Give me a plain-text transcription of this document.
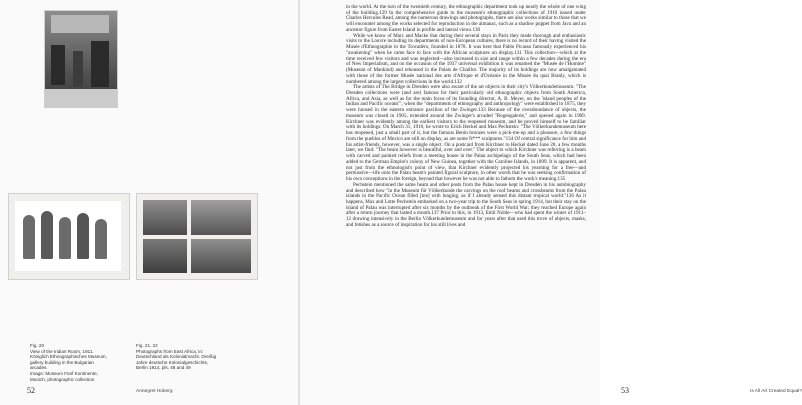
Fig. 20
View of the Indian Room, 1911.
Königlich Ethnographisches Museum,
gallery building in the Bulgarian
arcades.
Image: Museum Fünf Kontinente,
Munich, photographic collection
Fig. 21, 22
Photographs from East Africa, in:
Deutschland als Kolonialmacht. Dreißig
Jahre deutsche Kolonialgeschichte,
Berlin 1914, pls. 48 and 49
52	Annegret Hoberg	53	Is All Art Created Equal?

in the world. At the turn of the twentieth century, the ethnographic department took up nearly the whole of one wing of the building.129 In the comprehensive guide to the museum's ethnographic collections of 1910 issued under Charles Hercules Read, among the numerous drawings and photographs, there are also works similar to those that we will encounter among the works selected for reproduction in the almanac, such as a shadow puppet from Java and an ancestor figure from Easter Island in profile and lateral views.130

While we know of Marc and Macke that during their several stays in Paris they made thorough and enthusiastic visits to the Louvre including its departments of non-European cultures, there is no record of their having visited the Musée d'Ethnographie in the Trocadéro, founded in 1878. It was here that Pablo Picasso famously experienced his "awakening" when he came face to face with the African sculptures on display.131 This collection—which at the time received few visitors and was neglected—also increased in size and range within a few decades during the era of New Imperialism, and on the occasion of the 1937 universal exhibition it was renamed the "Musée de l'Homme" (Museum of Mankind) and rehoused in the Palais de Chaillot. The majority of its holdings are now amalgamated with those of the former Musée national des arts d'Afrique et d'Océanie in the Musée du quai Branly, which is numbered among the largest collections in the world.132

The artists of The Bridge in Dresden were also aware of the art objects in their city's Völkerkundemuseum. "The Dresden collections were (and are) famous for their particularly old ethnographic objects from South America, Africa, and Asia, as well as for the main focus of its founding director, A. B. Meyer, on the 'island peoples of the Indian and Pacific oceans'"; when the "departments of ethnography and anthropology" were established in 1875, they were housed in the eastern entrance pavilion of the Zwinger.133 Because of the overabundance of objects, the museum was closed in 1905, extended around the Zwinger's arcaded "Bogengalerie," and opened again in 1909. Kirchner was evidently among the earliest visitors to the reopened museum, and he proved himself to be familiar with its holdings. On March 31, 1910, he wrote to Erich Heckel and Max Pechstein: "The Völkerkundemuseum here has reopened, just a small part of it, but the famous Benin bronzes were a pick-me-up and a pleasure, a few things from the pueblos of Mexico are still on display, as are some N*** sculptures."134 Of central significance for him and his artist-friends, however, was a single object. On a postcard from Kirchner to Heckel dated June 20, a few months later, we find: "The beam however is beautiful, over and over." The object to which Kirchner was referring is a beam with carved and painted reliefs from a meeting house in the Palau archipelago of the South Seas, which had been added to the German Empire's colony of New Guinea, together with the Caroline Islands, in 1899. It is apparent, and not just from the ethnologist's point of view, that Kirchner evidently projected his yearning for a free—and permissive—life onto the Palau beam's painted figural sculpture, in other words that he was seeking confirmation of his own conceptions in the foreign, beyond that however he was not able to fathom the work's meaning.135

Pechstein mentioned the same beam and other posts from the Palau house kept in Dresden in his autobiography and described how "in the Museum für Völkerkunde the carvings on the roof beams and crossbeams from the Palau islands in the Pacific Ocean filled [me] with longing, as if I already sensed this distant tropical world."136 As it happens, Max and Lotte Pechstein embarked on a two-year trip to the South Seas in spring 1914, but their stay on the island of Palau was interrupted after six months by the outbreak of the First World War; they reached Europe again after a return journey that lasted a month.137 Prior to this, in 1913, Emil Nolde—who had spent the winter of 1911–12 drawing intensively in the Berlin Völkerkundemuseum and for years after that used this trove of objects, masks, and fetishes as a source of inspiration for his still lives and
